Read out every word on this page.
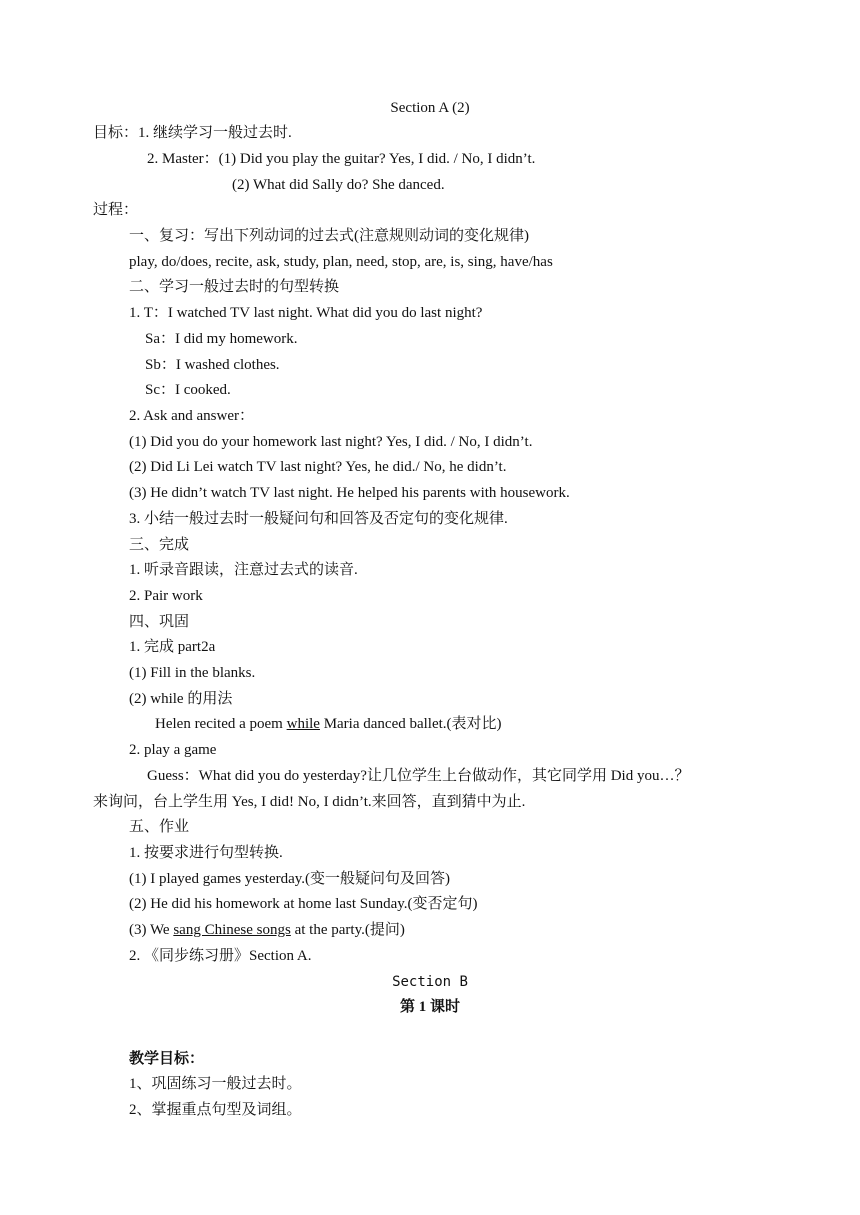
Section A (2)
目标：1. 继续学习一般过去时.
2. Master：(1) Did you play the guitar? Yes, I did. / No, I didn’t.
(2) What did Sally do? She danced.
过程：
一、复习：写出下列动词的过去式(注意规则动词的变化规律)
play, do/does, recite, ask, study, plan, need, stop, are, is, sing, have/has
二、学习一般过去时的句型转换
1. T：I watched TV last night. What did you do last night?
Sa：I did my homework.
Sb：I washed clothes.
Sc：I cooked.
2. Ask and answer：
(1) Did you do your homework last night? Yes, I did. / No, I didn’t.
(2) Did Li Lei watch TV last night? Yes, he did./ No, he didn’t.
(3) He didn’t watch TV last night. He helped his parents with housework.
3. 小结一般过去时一般疑问句和回答及否定句的变化规律.
三、完成
1. 听录音跟读，注意过去式的读音.
2. Pair work
四、巩固
1. 完成 part2a
(1) Fill in the blanks.
(2) while 的用法
Helen recited a poem while Maria danced ballet.(表对比)
2. play a game
Guess：What did you do yesterday?让几位学生上台做动作，其它同学用 Did you…？
来询问，台上学生用 Yes, I did! No, I didn’t.来回答，直到猜中为止.
五、作业
1. 按要求进行句型转换.
(1) I played games yesterday.(变一般疑问句及回答)
(2) He did his homework at home last Sunday.(变否定句)
(3) We sang Chinese songs at the party.(提问)
2. 《同步练习册》Section A.
Section B
第 1 课时
教学目标：
1、巩固练习一般过去时。
2、掌握重点句型及词组。
